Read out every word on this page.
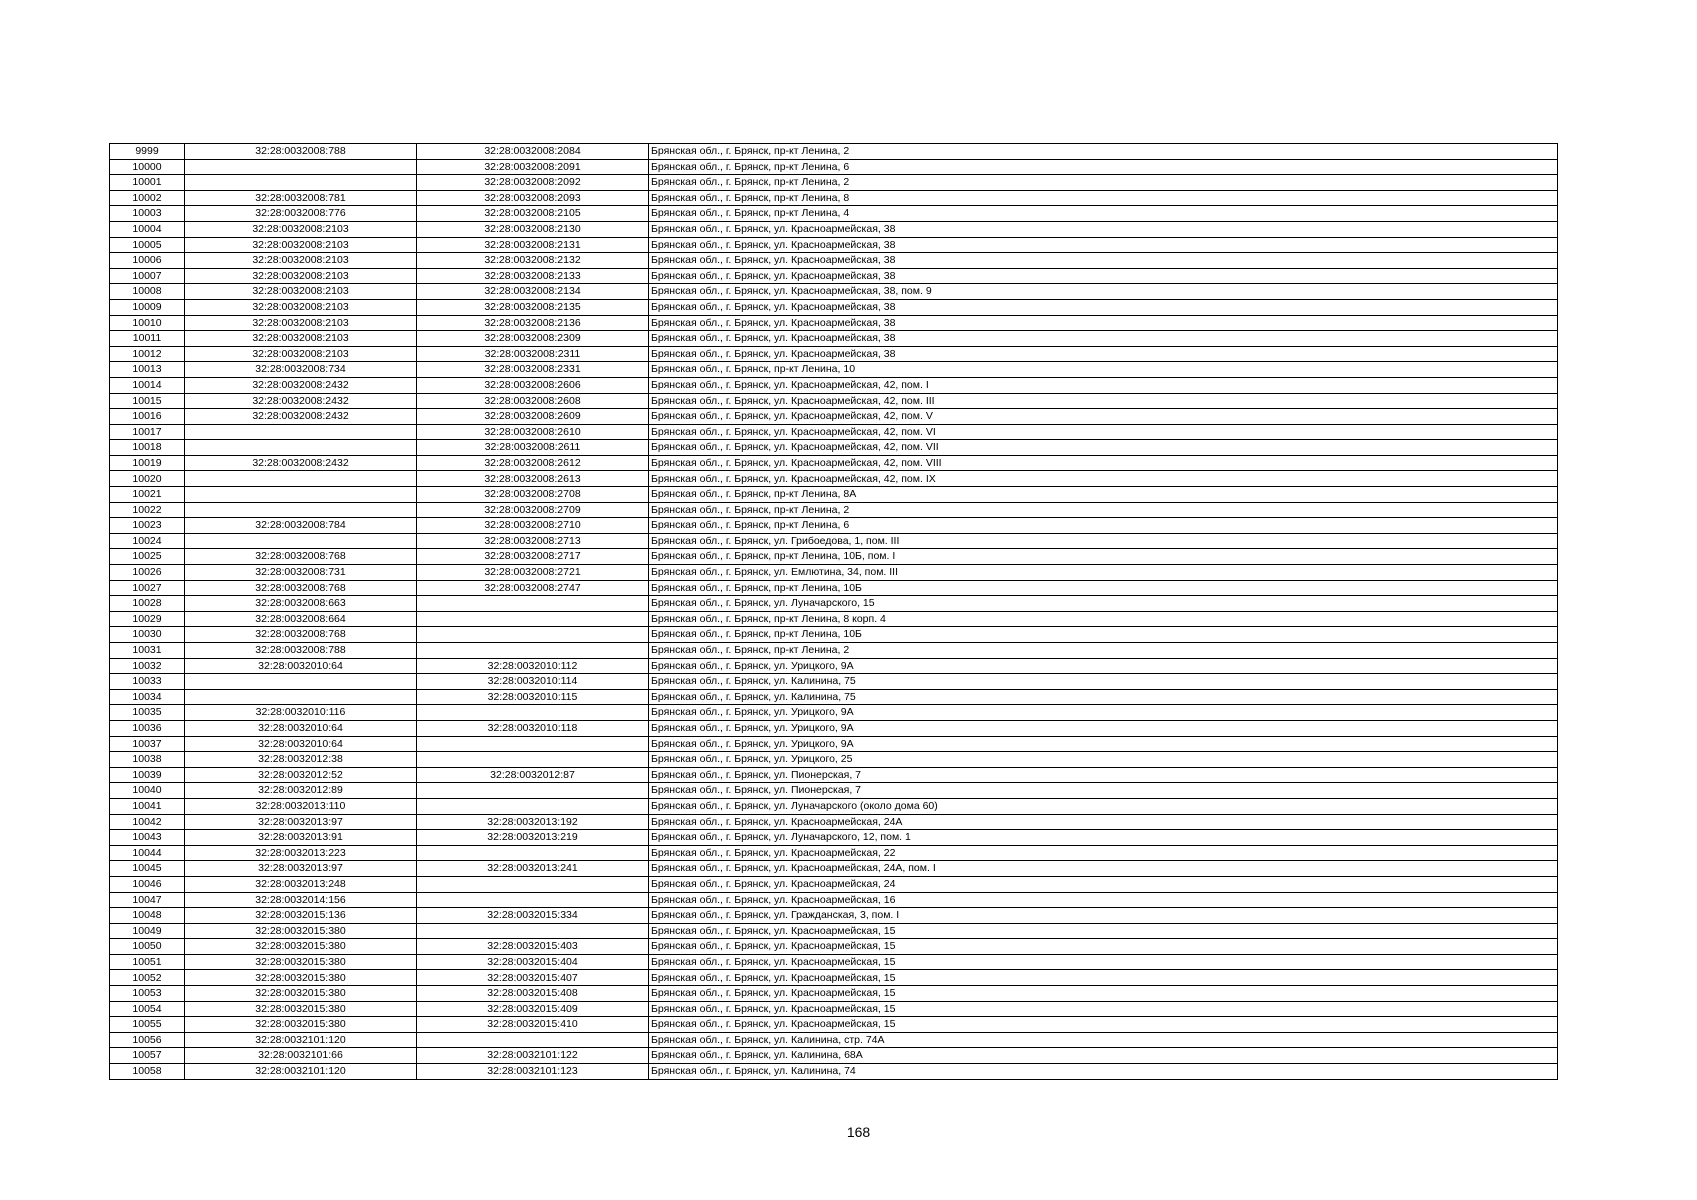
9999	32:28:0032008:788	32:28:0032008:2084	Брянская обл., г. Брянск, пр-кт Ленина, 2
10000		32:28:0032008:2091	Брянская обл., г. Брянск, пр-кт Ленина, 6
10001		32:28:0032008:2092	Брянская обл., г. Брянск, пр-кт Ленина, 2
10002	32:28:0032008:781	32:28:0032008:2093	Брянская обл., г. Брянск, пр-кт Ленина, 8
10003	32:28:0032008:776	32:28:0032008:2105	Брянская обл., г. Брянск, пр-кт Ленина, 4
10004	32:28:0032008:2103	32:28:0032008:2130	Брянская обл., г. Брянск, ул. Красноармейская, 38
10005	32:28:0032008:2103	32:28:0032008:2131	Брянская обл., г. Брянск, ул. Красноармейская, 38
10006	32:28:0032008:2103	32:28:0032008:2132	Брянская обл., г. Брянск, ул. Красноармейская, 38
10007	32:28:0032008:2103	32:28:0032008:2133	Брянская обл., г. Брянск, ул. Красноармейская, 38
10008	32:28:0032008:2103	32:28:0032008:2134	Брянская обл., г. Брянск, ул. Красноармейская, 38, пом. 9
10009	32:28:0032008:2103	32:28:0032008:2135	Брянская обл., г. Брянск, ул. Красноармейская, 38
10010	32:28:0032008:2103	32:28:0032008:2136	Брянская обл., г. Брянск, ул. Красноармейская, 38
10011	32:28:0032008:2103	32:28:0032008:2309	Брянская обл., г. Брянск, ул. Красноармейская, 38
10012	32:28:0032008:2103	32:28:0032008:2311	Брянская обл., г. Брянск, ул. Красноармейская, 38
10013	32:28:0032008:734	32:28:0032008:2331	Брянская обл., г. Брянск, пр-кт Ленина, 10
10014	32:28:0032008:2432	32:28:0032008:2606	Брянская обл., г. Брянск, ул. Красноармейская, 42, пом. I
10015	32:28:0032008:2432	32:28:0032008:2608	Брянская обл., г. Брянск, ул. Красноармейская, 42, пом. III
10016	32:28:0032008:2432	32:28:0032008:2609	Брянская обл., г. Брянск, ул. Красноармейская, 42, пом. V
10017		32:28:0032008:2610	Брянская обл., г. Брянск, ул. Красноармейская, 42, пом. VI
10018		32:28:0032008:2611	Брянская обл., г. Брянск, ул. Красноармейская, 42, пом. VII
10019	32:28:0032008:2432	32:28:0032008:2612	Брянская обл., г. Брянск, ул. Красноармейская, 42, пом. VIII
10020		32:28:0032008:2613	Брянская обл., г. Брянск, ул. Красноармейская, 42, пом. IX
10021		32:28:0032008:2708	Брянская обл., г. Брянск, пр-кт Ленина, 8А
10022		32:28:0032008:2709	Брянская обл., г. Брянск, пр-кт Ленина, 2
10023	32:28:0032008:784	32:28:0032008:2710	Брянская обл., г. Брянск, пр-кт Ленина, 6
10024		32:28:0032008:2713	Брянская обл., г. Брянск, ул. Грибоедова, 1, пом. III
10025	32:28:0032008:768	32:28:0032008:2717	Брянская обл., г. Брянск, пр-кт Ленина, 10Б, пом. I
10026	32:28:0032008:731	32:28:0032008:2721	Брянская обл., г. Брянск, ул. Емлютина, 34, пом. III
10027	32:28:0032008:768	32:28:0032008:2747	Брянская обл., г. Брянск, пр-кт Ленина, 10Б
10028	32:28:0032008:663		Брянская обл., г. Брянск, ул. Луначарского, 15
10029	32:28:0032008:664		Брянская обл., г. Брянск, пр-кт Ленина, 8 корп. 4
10030	32:28:0032008:768		Брянская обл., г. Брянск, пр-кт Ленина, 10Б
10031	32:28:0032008:788		Брянская обл., г. Брянск, пр-кт Ленина, 2
10032	32:28:0032010:64	32:28:0032010:112	Брянская обл., г. Брянск, ул. Урицкого, 9А
10033		32:28:0032010:114	Брянская обл., г. Брянск, ул. Калинина, 75
10034		32:28:0032010:115	Брянская обл., г. Брянск, ул. Калинина, 75
10035	32:28:0032010:116		Брянская обл., г. Брянск, ул. Урицкого, 9А
10036	32:28:0032010:64	32:28:0032010:118	Брянская обл., г. Брянск, ул. Урицкого, 9А
10037	32:28:0032010:64		Брянская обл., г. Брянск, ул. Урицкого, 9А
10038	32:28:0032012:38		Брянская обл., г. Брянск, ул. Урицкого, 25
10039	32:28:0032012:52	32:28:0032012:87	Брянская обл., г. Брянск, ул. Пионерская, 7
10040	32:28:0032012:89		Брянская обл., г. Брянск, ул. Пионерская, 7
10041	32:28:0032013:110		Брянская обл., г. Брянск, ул. Луначарского (около дома 60)
10042	32:28:0032013:97	32:28:0032013:192	Брянская обл., г. Брянск, ул. Красноармейская, 24А
10043	32:28:0032013:91	32:28:0032013:219	Брянская обл., г. Брянск, ул. Луначарского, 12, пом. 1
10044	32:28:0032013:223		Брянская обл., г. Брянск, ул. Красноармейская, 22
10045	32:28:0032013:97	32:28:0032013:241	Брянская обл., г. Брянск, ул. Красноармейская, 24А, пом. I
10046	32:28:0032013:248		Брянская обл., г. Брянск, ул. Красноармейская, 24
10047	32:28:0032014:156		Брянская обл., г. Брянск, ул. Красноармейская, 16
10048	32:28:0032015:136	32:28:0032015:334	Брянская обл., г. Брянск, ул. Гражданская, 3, пом. I
10049	32:28:0032015:380		Брянская обл., г. Брянск, ул. Красноармейская, 15
10050	32:28:0032015:380	32:28:0032015:403	Брянская обл., г. Брянск, ул. Красноармейская, 15
10051	32:28:0032015:380	32:28:0032015:404	Брянская обл., г. Брянск, ул. Красноармейская, 15
10052	32:28:0032015:380	32:28:0032015:407	Брянская обл., г. Брянск, ул. Красноармейская, 15
10053	32:28:0032015:380	32:28:0032015:408	Брянская обл., г. Брянск, ул. Красноармейская, 15
10054	32:28:0032015:380	32:28:0032015:409	Брянская обл., г. Брянск, ул. Красноармейская, 15
10055	32:28:0032015:380	32:28:0032015:410	Брянская обл., г. Брянск, ул. Красноармейская, 15
10056	32:28:0032101:120		Брянская обл., г. Брянск, ул. Калинина, стр. 74А
10057	32:28:0032101:66	32:28:0032101:122	Брянская обл., г. Брянск, ул. Калинина, 68А
10058	32:28:0032101:120	32:28:0032101:123	Брянская обл., г. Брянск, ул. Калинина, 74
168
